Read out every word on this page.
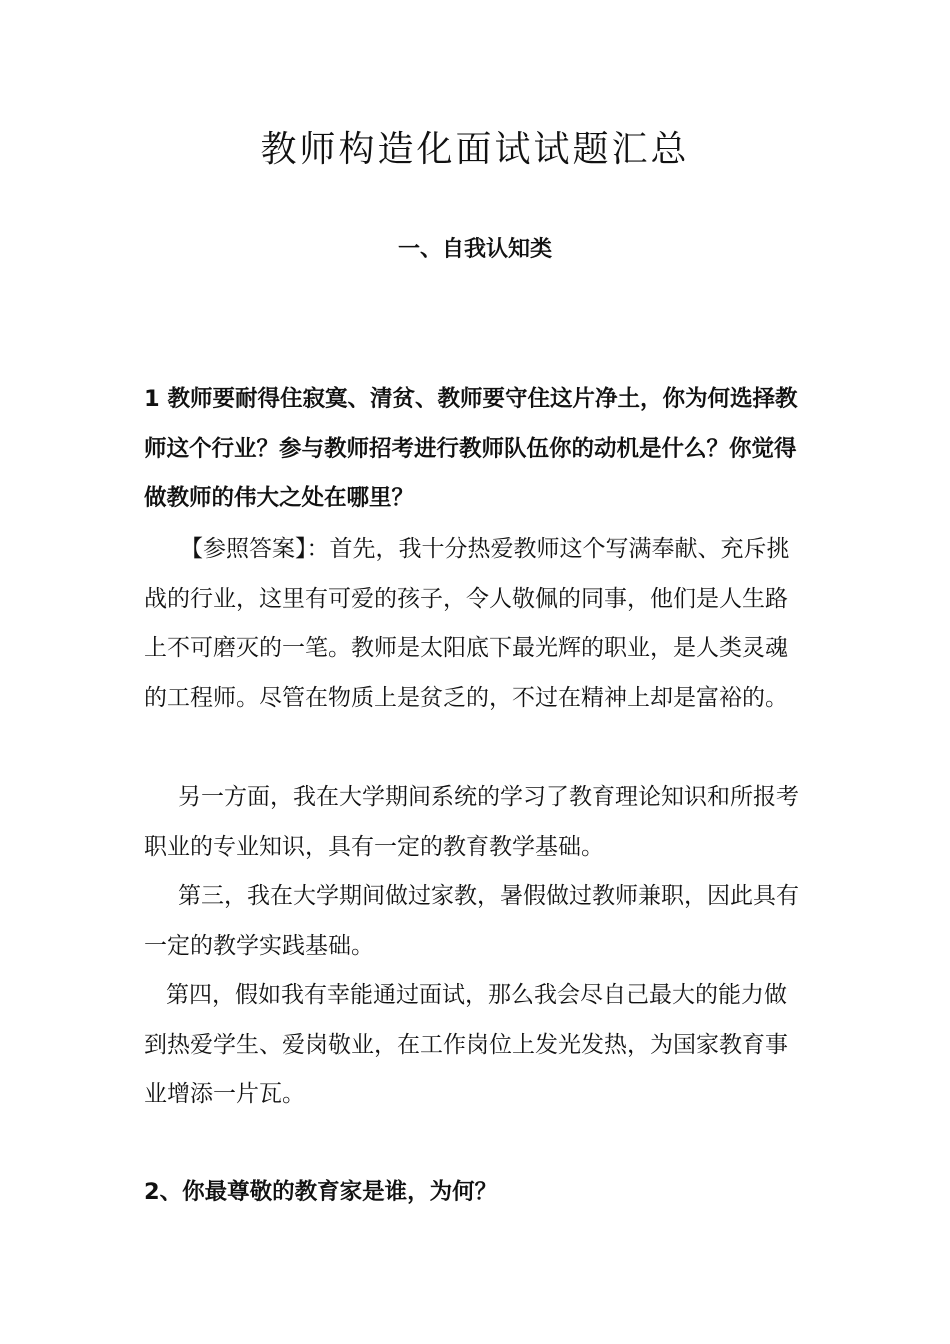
教师构造化面试试题汇总
一、自我认知类

1 教师要耐得住寂寞、清贫、教师要守住这片净土，你为何选择教师这个行业？参与教师招考进行教师队伍你的动机是什么？你觉得做教师的伟大之处在哪里？

【参照答案】：首先，我十分热爱教师这个写满奉献、充斥挑战的行业，这里有可爱的孩子，令人敬佩的同事，他们是人生路上不可磨灭的一笔。教师是太阳底下最光辉的职业，是人类灵魂的工程师。尽管在物质上是贫乏的，不过在精神上却是富裕的。

另一方面，我在大学期间系统的学习了教育理论知识和所报考职业的专业知识，具有一定的教育教学基础。

第三，我在大学期间做过家教，暑假做过教师兼职，因此具有一定的教学实践基础。

第四，假如我有幸能通过面试，那么我会尽自己最大的能力做到热爱学生、爱岗敬业，在工作岗位上发光发热，为国家教育事业增添一片瓦。

2、你最尊敬的教育家是谁，为何？
